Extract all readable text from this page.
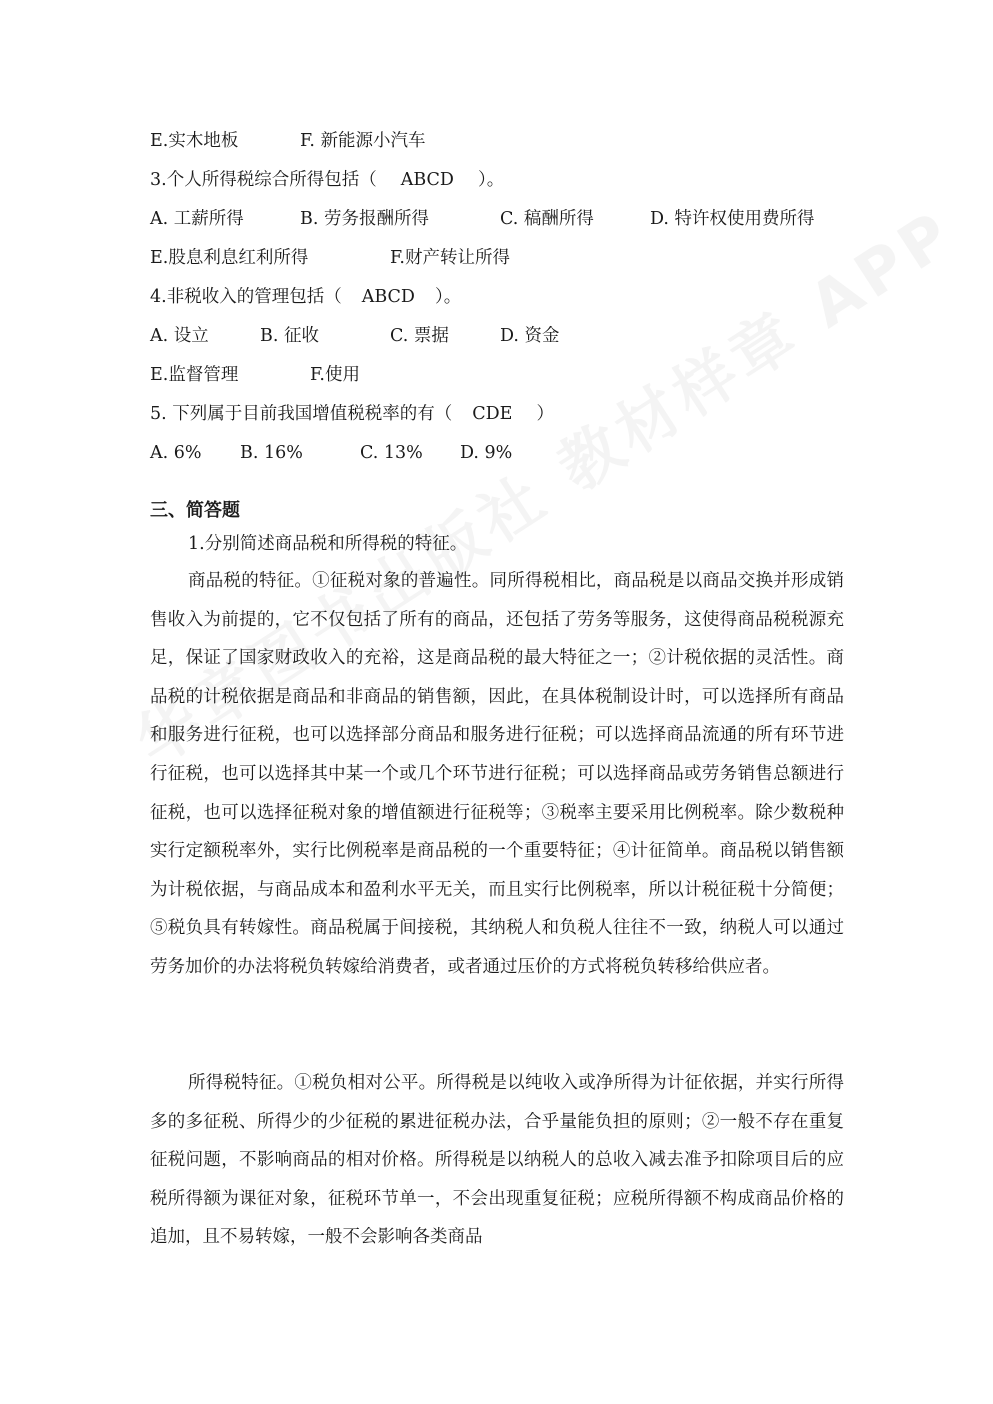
E.实木地板	F. 新能源小汽车
3.个人所得税综合所得包括（ ABCD ）。
A. 工薪所得	B. 劳务报酬所得	C. 稿酬所得	D. 特许权使用费所得
E.股息利息红利所得	F.财产转让所得
4.非税收入的管理包括（ ABCD ）。
A. 设立	B. 征收	C. 票据	D. 资金
E.监督管理	F.使用
5. 下列属于目前我国增值税税率的有（ CDE ）
A. 6% B. 16%	C. 13% D. 9%
三、简答题
1.分别简述商品税和所得税的特征。
商品税的特征。①征税对象的普遍性。同所得税相比，商品税是以商品交换并形成销售收入为前提的，它不仅包括了所有的商品，还包括了劳务等服务，这使得商品税税源充足，保证了国家财政收入的充裕，这是商品税的最大特征之一；②计税依据的灵活性。商品税的计税依据是商品和非商品的销售额，因此，在具体税制设计时，可以选择所有商品和服务进行征税，也可以选择部分商品和服务进行征税；可以选择商品流通的所有环节进行征税，也可以选择其中某一个或几个环节进行征税；可以选择商品或劳务销售总额进行征税，也可以选择征税对象的增值额进行征税等；③税率主要采用比例税率。除少数税种实行定额税率外，实行比例税率是商品税的一个重要特征；④计征简单。商品税以销售额为计税依据，与商品成本和盈利水平无关，而且实行比例税率，所以计税征税十分简便；⑤税负具有转嫁性。商品税属于间接税，其纳税人和负税人往往不一致，纳税人可以通过劳务加价的办法将税负转嫁给消费者，或者通过压价的方式将税负转移给供应者。
所得税特征。①税负相对公平。所得税是以纯收入或净所得为计征依据，并实行所得多的多征税、所得少的少征税的累进征税办法，合乎量能负担的原则；②一般不存在重复征税问题，不影响商品的相对价格。所得税是以纳税人的总收入减去准予扣除项目后的应税所得额为课征对象，征税环节单一，不会出现重复征税；应税所得额不构成商品价格的追加，且不易转嫁，一般不会影响各类商品
